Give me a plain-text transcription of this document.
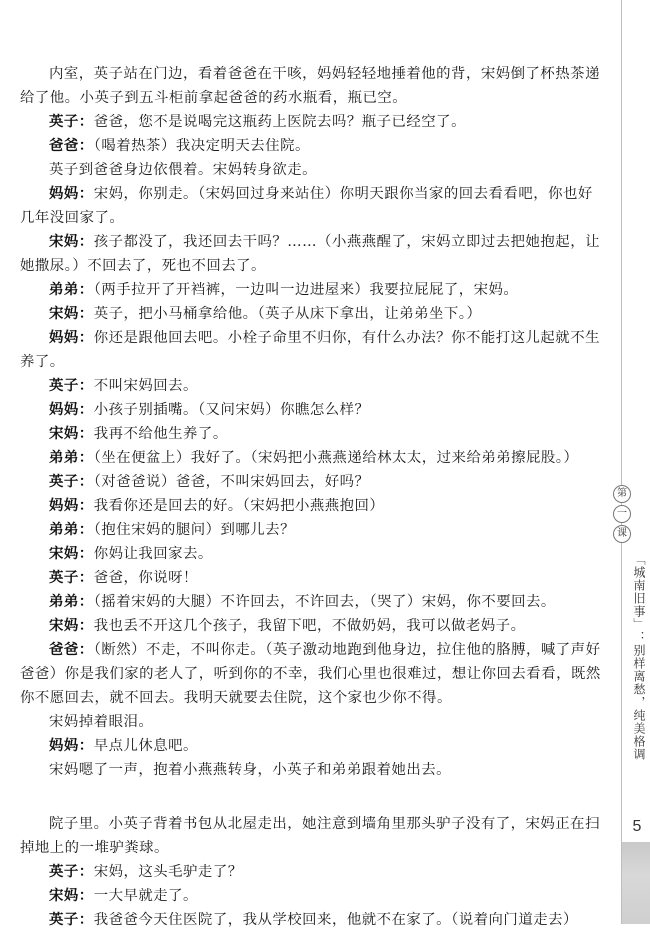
第
一
课
「城南旧事」：别样离愁，纯美格调
5
内室，英子站在门边，看着爸爸在干咳，妈妈轻轻地捶着他的背，宋妈倒了杯热茶递
给了他。小英子到五斗柜前拿起爸爸的药水瓶看，瓶已空。
英子：爸爸，您不是说喝完这瓶药上医院去吗？瓶子已经空了。
爸爸：（喝着热茶）我决定明天去住院。
英子到爸爸身边依偎着。宋妈转身欲走。
妈妈：宋妈，你别走。（宋妈回过身来站住）你明天跟你当家的回去看看吧，你也好
几年没回家了。
宋妈：孩子都没了，我还回去干吗？……（小燕燕醒了，宋妈立即过去把她抱起，让
她撒尿。）不回去了，死也不回去了。
弟弟：（两手拉开了开裆裤，一边叫一边进屋来）我要拉屁屁了，宋妈。
宋妈：英子，把小马桶拿给他。（英子从床下拿出，让弟弟坐下。）
妈妈：你还是跟他回去吧。小栓子命里不归你，有什么办法？你不能打这儿起就不生
养了。
英子：不叫宋妈回去。
妈妈：小孩子别插嘴。（又问宋妈）你瞧怎么样？
宋妈：我再不给他生养了。
弟弟：（坐在便盆上）我好了。（宋妈把小燕燕递给林太太，过来给弟弟擦屁股。）
英子：（对爸爸说）爸爸，不叫宋妈回去，好吗？
妈妈：我看你还是回去的好。（宋妈把小燕燕抱回）
弟弟：（抱住宋妈的腿问）到哪儿去？
宋妈：你妈让我回家去。
英子：爸爸，你说呀！
弟弟：（摇着宋妈的大腿）不许回去，不许回去，（哭了）宋妈，你不要回去。
宋妈：我也丢不开这几个孩子，我留下吧，不做奶妈，我可以做老妈子。
爸爸：（断然）不走，不叫你走。（英子激动地跑到他身边，拉住他的胳膊，喊了声好
爸爸）你是我们家的老人了，听到你的不幸，我们心里也很难过，想让你回去看看，既然
你不愿回去，就不回去。我明天就要去住院，这个家也少你不得。
宋妈掉着眼泪。
妈妈：早点儿休息吧。
宋妈嗯了一声，抱着小燕燕转身，小英子和弟弟跟着她出去。
院子里。小英子背着书包从北屋走出，她注意到墙角里那头驴子没有了，宋妈正在扫
掉地上的一堆驴粪球。
英子：宋妈，这头毛驴走了？
宋妈：一大早就走了。
英子：我爸爸今天住医院了，我从学校回来，他就不在家了。（说着向门道走去）
